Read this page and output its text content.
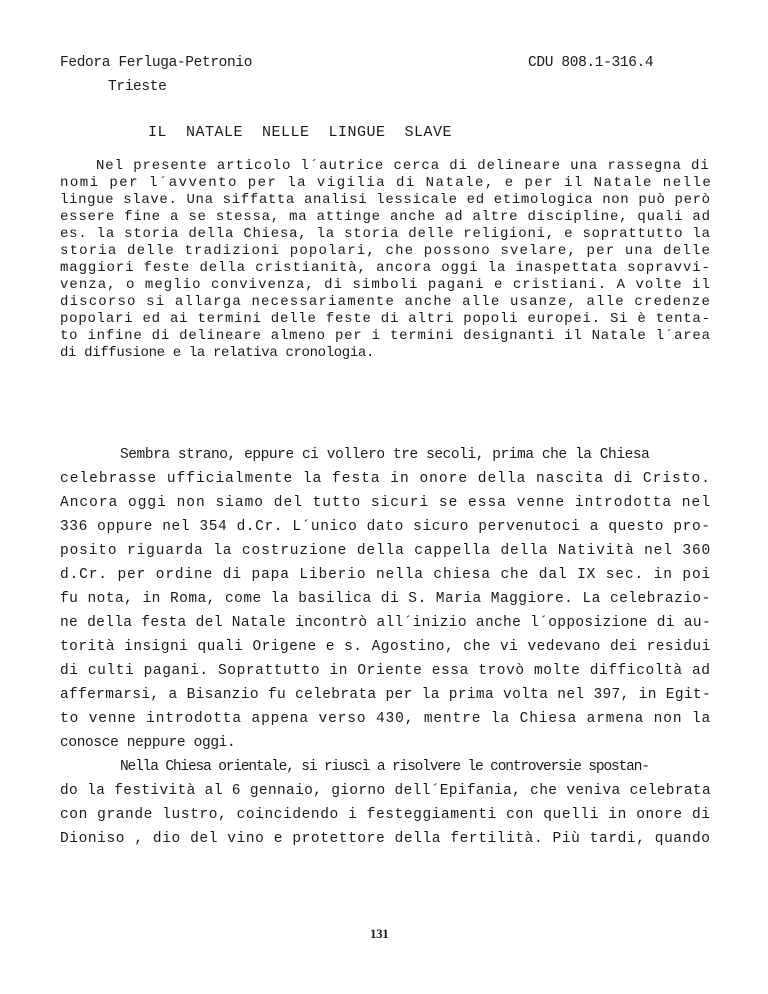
Fedora Ferluga-Petronio	CDU 808.1-316.4
Trieste
IL  NATALE  NELLE  LINGUE  SLAVE
Nel presente articolo l´autrice cerca di delineare una rassegna di
nomi per l´avvento per la vigilia di Natale, e per il Natale nelle
lingue slave. Una siffatta analisi lessicale ed etimologica non può però
essere fine a se stessa, ma attinge anche ad altre discipline, quali ad
es. la storia della Chiesa, la storia delle religioni, e soprattutto la
storia delle tradizioni popolari, che possono svelare, per una delle
maggiori feste della cristianità, ancora oggi la inaspettata sopravvi-
venza, o meglio convivenza, di simboli pagani e cristiani. A volte il
discorso si allarga necessariamente anche alle usanze, alle credenze
popolari ed ai termini delle feste di altri popoli europei. Si è tenta-
to infine di delineare almeno per i termini designanti il Natale l´area
di diffusione e la relativa cronologia.
Sembra strano, eppure ci vollero tre secoli, prima che la Chiesa
celebrasse ufficialmente la festa in onore della nascita di Cristo.
Ancora oggi non siamo del tutto sicuri se essa venne introdotta nel
336 oppure nel 354 d.Cr. L´unico dato sicuro pervenutoci a questo pro-
posito riguarda la costruzione della cappella della Natività nel 360
d.Cr. per ordine di papa Liberio nella chiesa che dal IX sec. in poi
fu nota, in Roma, come la basilica di S. Maria Maggiore. La celebrazio-
ne della festa del Natale incontrò all´inizio anche l´opposizione di au-
torità insigni quali Origene e s. Agostino, che vi vedevano dei residui
di culti pagani. Soprattutto in Oriente essa trovò molte difficoltà ad
affermarsi, a Bisanzio fu celebrata per la prima volta nel 397, in Egit-
to venne introdotta appena verso 430, mentre la Chiesa armena non la
conosce neppure oggi.
Nella Chiesa orientale, si riuscì a risolvere le controversie spostan-
do la festività al 6 gennaio, giorno dell´Epifania, che veniva celebrata
con grande lustro, coincidendo i festeggiamenti con quelli in onore di
Dioniso , dio del vino e protettore della fertilità. Più tardi, quando
131
